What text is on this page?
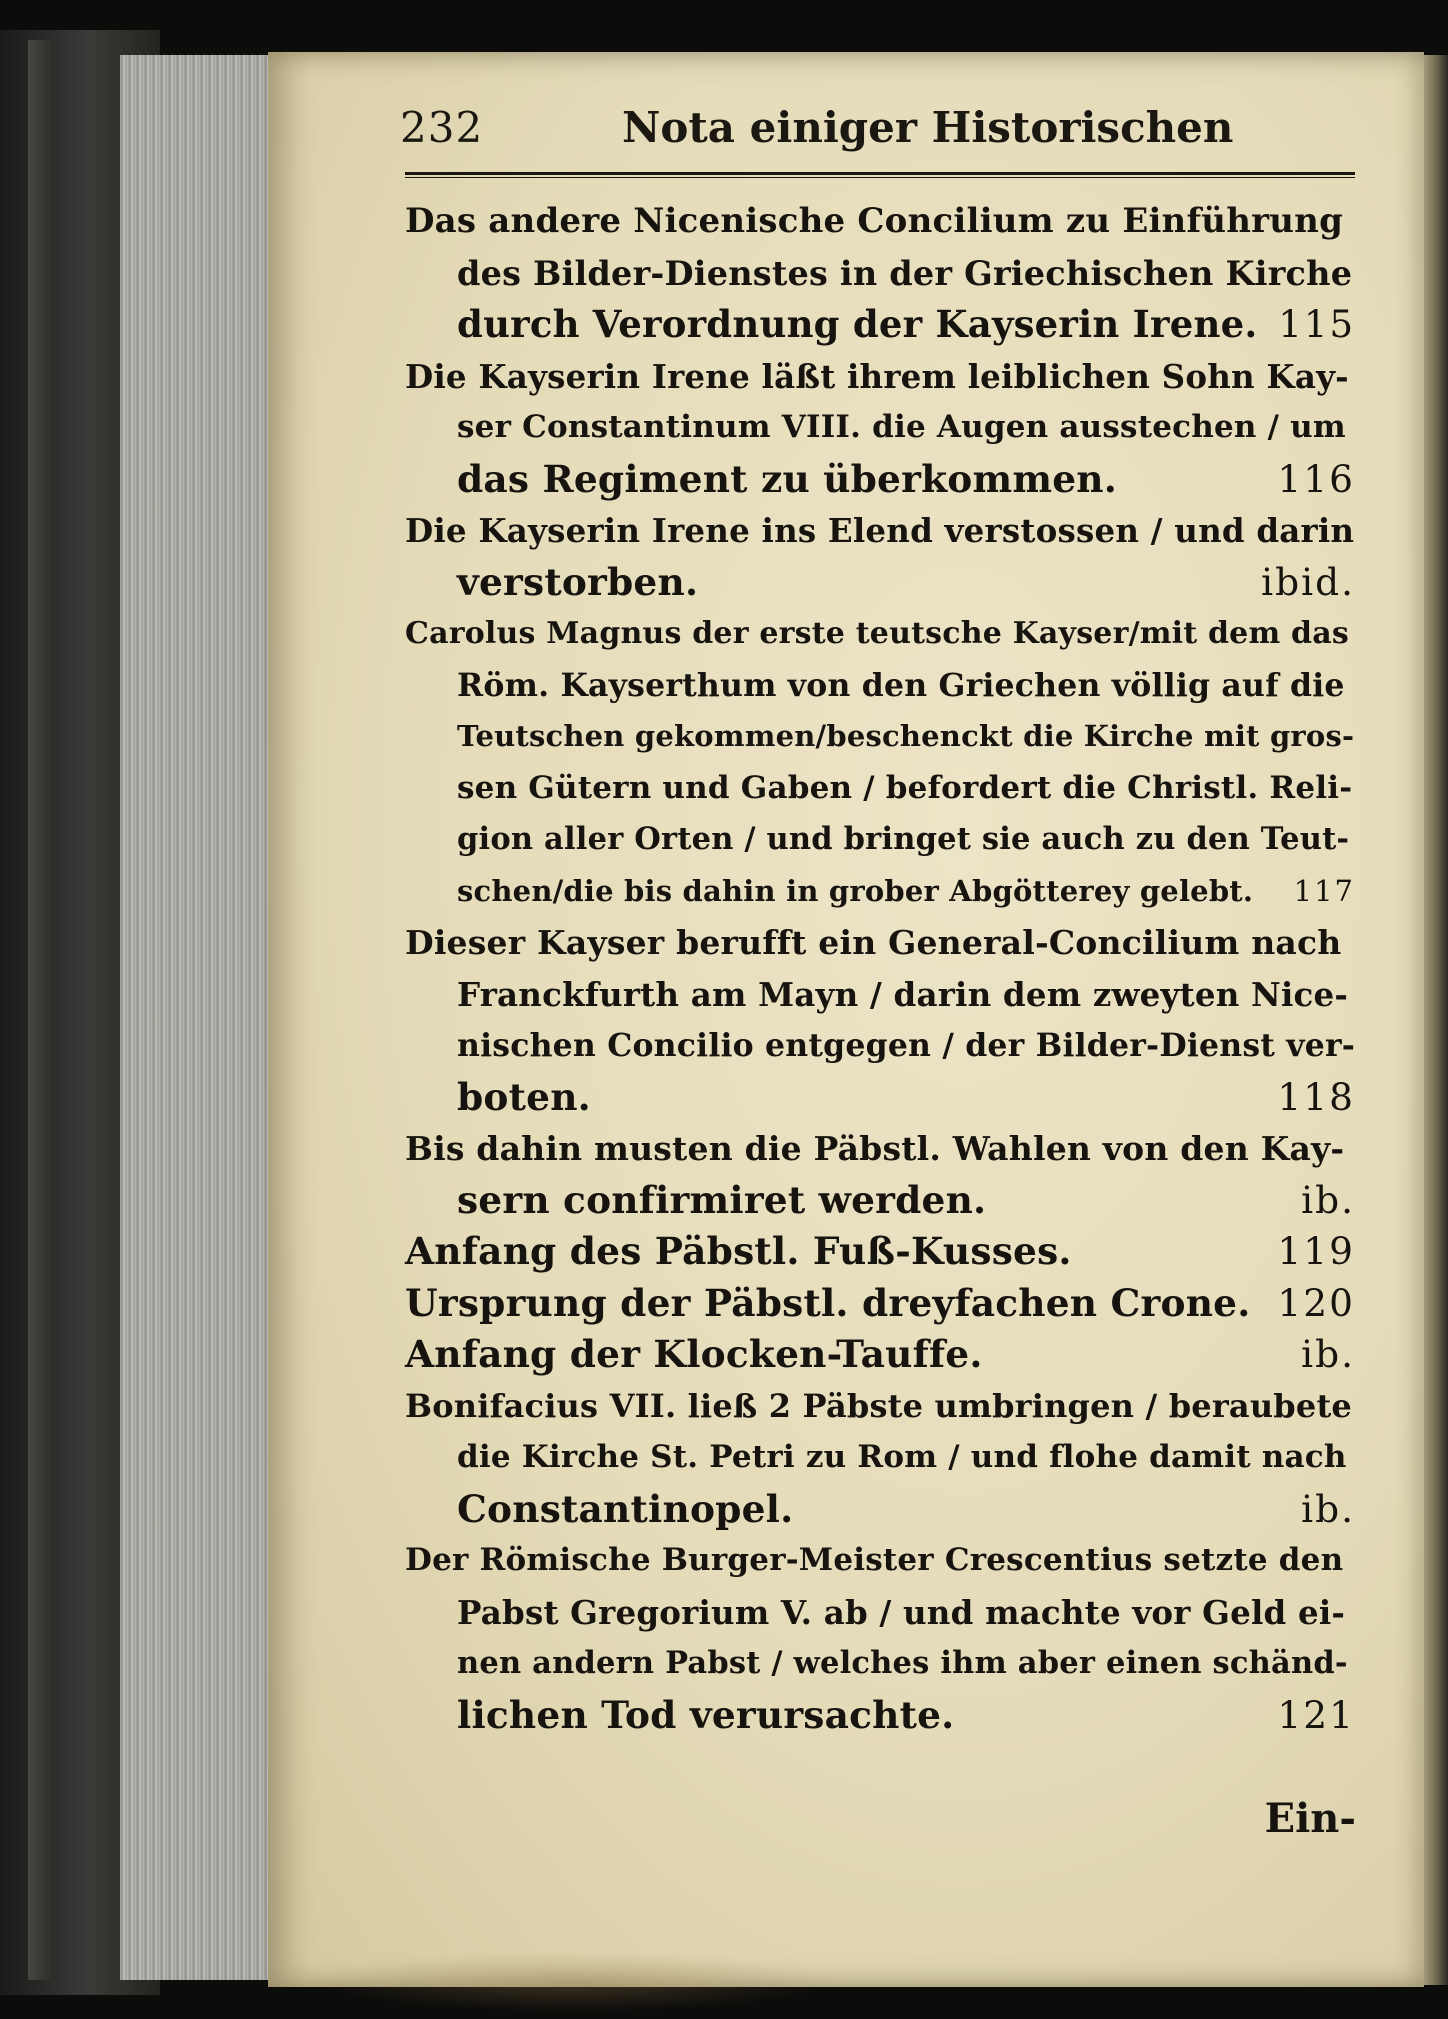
232	Nota einiger Historischen
Das andere Nicenische Concilium zu Einführung
des Bilder-Dienstes in der Griechischen Kirche
durch Verordnung der Kayserin Irene. 115
Die Kayserin Irene läßt ihrem leiblichen Sohn Kay-
ser Constantinum VIII. die Augen ausstechen / um
das Regiment zu überkommen.	116
Die Kayserin Irene ins Elend verstossen / und darin
verstorben.	ibid.
Carolus Magnus der erste teutsche Kayser/mit dem das
Röm. Kayserthum von den Griechen völlig auf die
Teutschen gekommen/beschenckt die Kirche mit gros-
sen Gütern und Gaben / befordert die Christl. Reli-
gion aller Orten / und bringet sie auch zu den Teut-
schen/die bis dahin in grober Abgötterey gelebt. 117
Dieser Kayser berufft ein General-Concilium nach
Franckfurth am Mayn / darin dem zweyten Nice-
nischen Concilio entgegen / der Bilder-Dienst ver-
boten.	118
Bis dahin musten die Päbstl. Wahlen von den Kay-
sern confirmiret werden.	ib.
Anfang des Päbstl. Fuß-Kusses.	119
Ursprung der Päbstl. dreyfachen Crone. 120
Anfang der Klocken-Tauffe.	ib.
Bonifacius VII. ließ 2 Päbste umbringen / beraubete
die Kirche St. Petri zu Rom / und flohe damit nach
Constantinopel.	ib.
Der Römische Burger-Meister Crescentius setzte den
Pabst Gregorium V. ab / und machte vor Geld ei-
nen andern Pabst / welches ihm aber einen schänd-
lichen Tod verursachte.	121
Ein-
